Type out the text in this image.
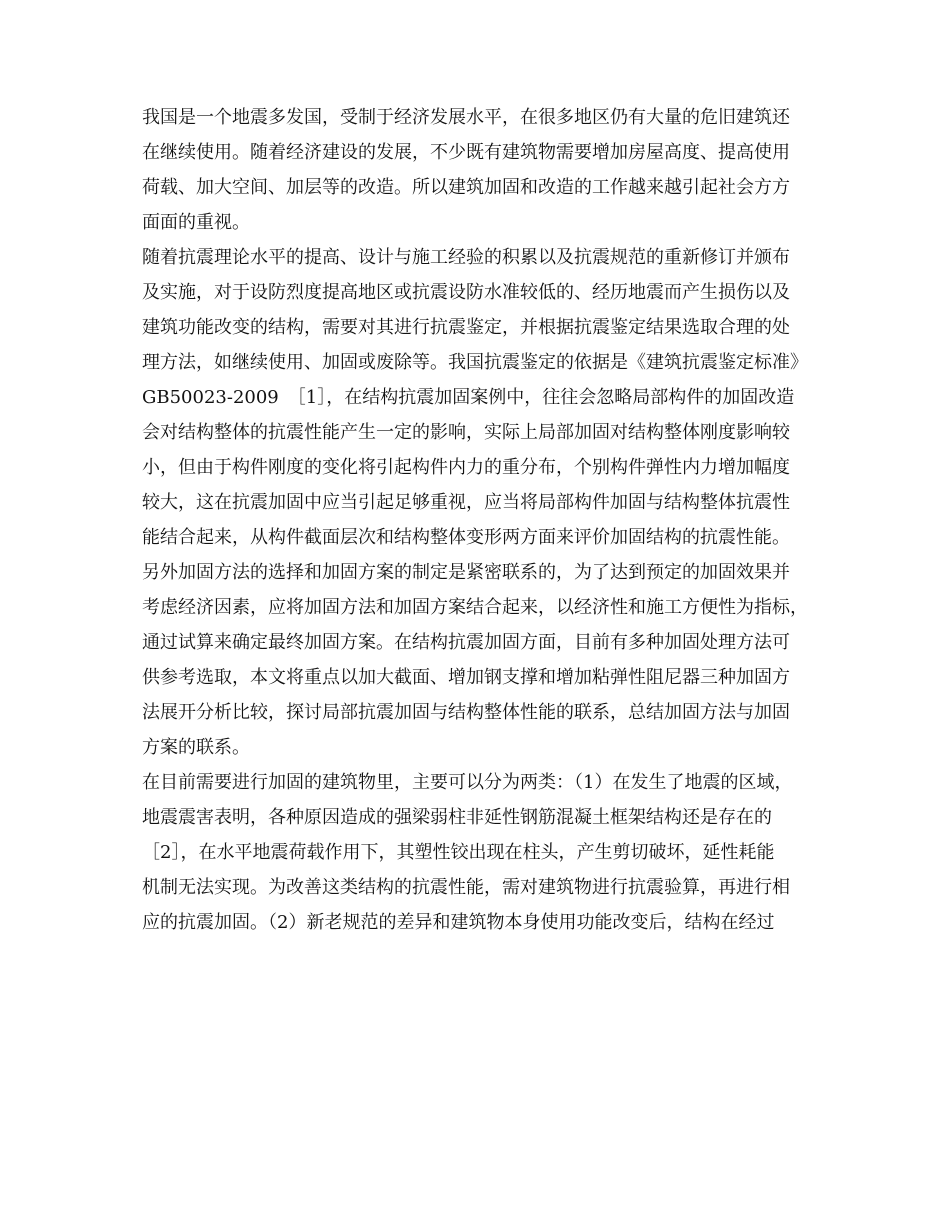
我国是一个地震多发国，受制于经济发展水平，在很多地区仍有大量的危旧建筑还
在继续使用。随着经济建设的发展，不少既有建筑物需要增加房屋高度、提高使用
荷载、加大空间、加层等的改造。所以建筑加固和改造的工作越来越引起社会方方
面面的重视。
随着抗震理论水平的提高、设计与施工经验的积累以及抗震规范的重新修订并颁布
及实施，对于设防烈度提高地区或抗震设防水准较低的、经历地震而产生损伤以及
建筑功能改变的结构，需要对其进行抗震鉴定，并根据抗震鉴定结果选取合理的处
理方法，如继续使用、加固或废除等。我国抗震鉴定的依据是《建筑抗震鉴定标准》
GB50023-2009　［1］，在结构抗震加固案例中，往往会忽略局部构件的加固改造
会对结构整体的抗震性能产生一定的影响，实际上局部加固对结构整体刚度影响较
小，但由于构件刚度的变化将引起构件内力的重分布，个别构件弹性内力增加幅度
较大，这在抗震加固中应当引起足够重视，应当将局部构件加固与结构整体抗震性
能结合起来，从构件截面层次和结构整体变形两方面来评价加固结构的抗震性能。
另外加固方法的选择和加固方案的制定是紧密联系的，为了达到预定的加固效果并
考虑经济因素，应将加固方法和加固方案结合起来，以经济性和施工方便性为指标，
通过试算来确定最终加固方案。在结构抗震加固方面，目前有多种加固处理方法可
供参考选取，本文将重点以加大截面、增加钢支撑和增加粘弹性阻尼器三种加固方
法展开分析比较，探讨局部抗震加固与结构整体性能的联系，总结加固方法与加固
方案的联系。
在目前需要进行加固的建筑物里，主要可以分为两类：（1）在发生了地震的区域，
地震震害表明，各种原因造成的强梁弱柱非延性钢筋混凝土框架结构还是存在的
［2］，在水平地震荷载作用下，其塑性铰出现在柱头，产生剪切破坏，延性耗能
机制无法实现。为改善这类结构的抗震性能，需对建筑物进行抗震验算，再进行相
应的抗震加固。（2）新老规范的差异和建筑物本身使用功能改变后，结构在经过
